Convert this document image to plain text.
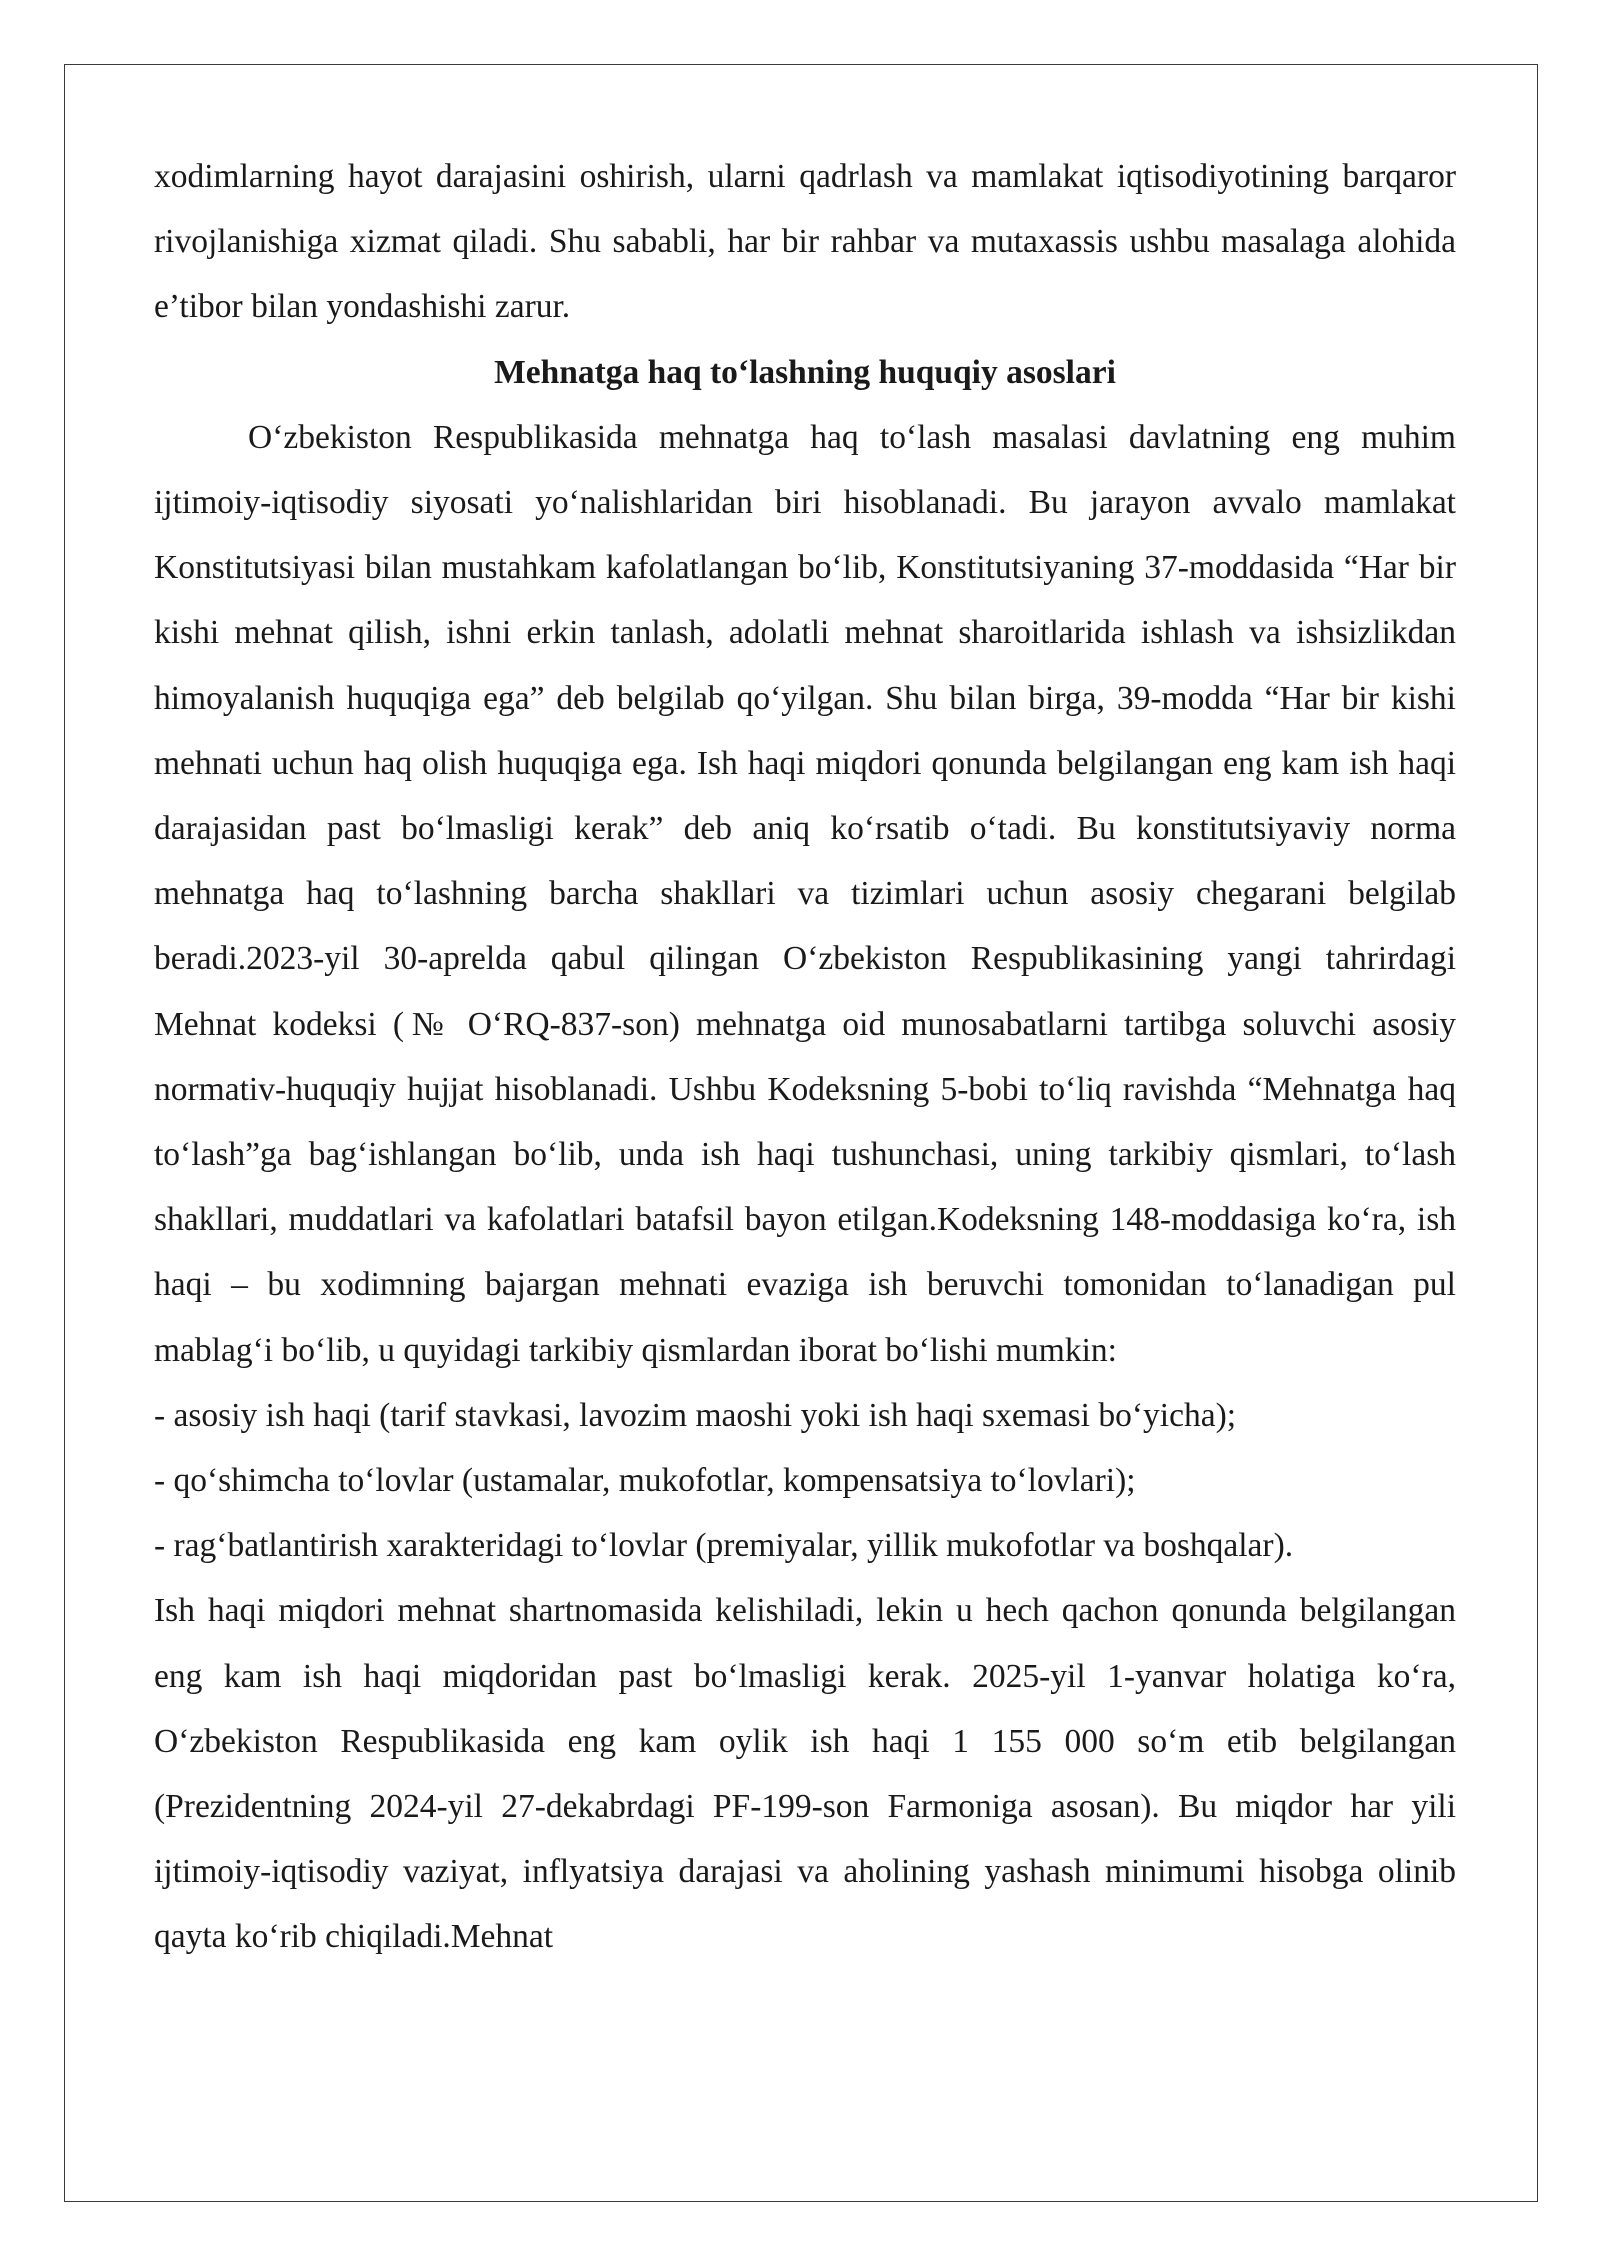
xodimlarning hayot darajasini oshirish, ularni qadrlash va mamlakat iqtisodiyotining barqaror rivojlanishiga xizmat qiladi. Shu sababli, har bir rahbar va mutaxassis ushbu masalaga alohida e’tibor bilan yondashishi zarur.

Mehnatga haq to‘lashning huquqiy asoslari

O‘zbekiston Respublikasida mehnatga haq to‘lash masalasi davlatning eng muhim ijtimoiy-iqtisodiy siyosati yo‘nalishlaridan biri hisoblanadi. Bu jarayon avvalo mamlakat Konstitutsiyasi bilan mustahkam kafolatlangan bo‘lib, Konstitutsiyaning 37-moddasida “Har bir kishi mehnat qilish, ishni erkin tanlash, adolatli mehnat sharoitlarida ishlash va ishsizlikdan himoyalanish huquqiga ega” deb belgilab qo‘yilgan. Shu bilan birga, 39-modda “Har bir kishi mehnati uchun haq olish huquqiga ega. Ish haqi miqdori qonunda belgilangan eng kam ish haqi darajasidan past bo‘lmasligi kerak” deb aniq ko‘rsatib o‘tadi. Bu konstitutsiyaviy norma mehnatga haq to‘lashning barcha shakllari va tizimlari uchun asosiy chegarani belgilab beradi.2023-yil 30-aprelda qabul qilingan O‘zbekiston Respublikasining yangi tahrirdagi Mehnat kodeksi (№ O‘RQ-837-son) mehnatga oid munosabatlarni tartibga soluvchi asosiy normativ-huquqiy hujjat hisoblanadi. Ushbu Kodeksning 5-bobi to‘liq ravishda “Mehnatga haq to‘lash”ga bag‘ishlangan bo‘lib, unda ish haqi tushunchasi, uning tarkibiy qismlari, to‘lash shakllari, muddatlari va kafolatlari batafsil bayon etilgan.Kodeksning 148-moddasiga ko‘ra, ish haqi – bu xodimning bajargan mehnati evaziga ish beruvchi tomonidan to‘lanadigan pul mablag‘i bo‘lib, u quyidagi tarkibiy qismlardan iborat bo‘lishi mumkin:

- asosiy ish haqi (tarif stavkasi, lavozim maoshi yoki ish haqi sxemasi bo‘yicha);
- qo‘shimcha to‘lovlar (ustamalar, mukofotlar, kompensatsiya to‘lovlari);
- rag‘batlantirish xarakteridagi to‘lovlar (premiyalar, yillik mukofotlar va boshqalar).

Ish haqi miqdori mehnat shartnomasida kelishiladi, lekin u hech qachon qonunda belgilangan eng kam ish haqi miqdoridan past bo‘lmasligi kerak. 2025-yil 1-yanvar holatiga ko‘ra, O‘zbekiston Respublikasida eng kam oylik ish haqi 1 155 000 so‘m etib belgilangan (Prezidentning 2024-yil 27-dekabrdagi PF-199-son Farmoniga asosan). Bu miqdor har yili ijtimoiy-iqtisodiy vaziyat, inflyatsiya darajasi va aholining yashash minimumi hisobga olinib qayta ko‘rib chiqiladi.Mehnat
